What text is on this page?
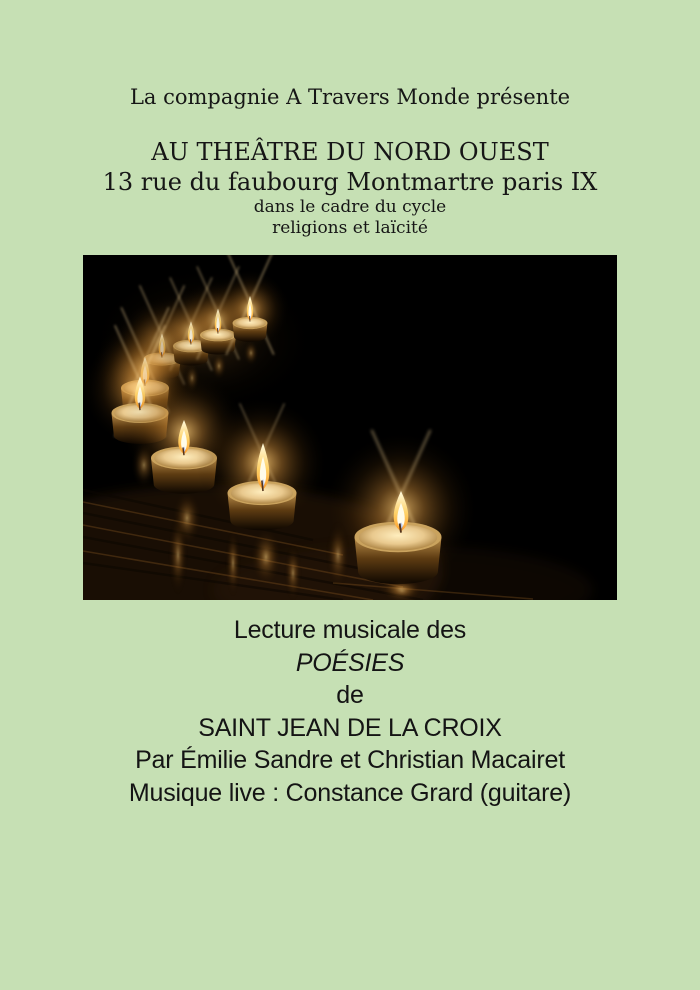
La compagnie A Travers Monde présente
AU THEÂTRE DU NORD OUEST
13 rue du faubourg Montmartre paris IX
dans le cadre du cycle
religions et laïcité
Lecture musicale des
POÉSIES
de
SAINT JEAN DE LA CROIX
Par Émilie Sandre et Christian Macairet
Musique live : Constance Grard (guitare)
